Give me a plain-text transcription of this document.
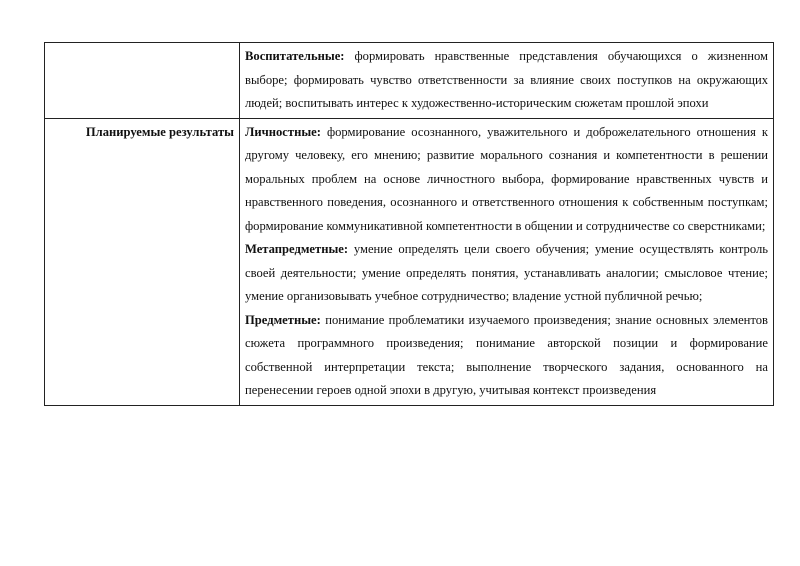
	Воспитательные: формировать нравственные представления обучающихся о жизненном выборе; формировать чувство ответственности за влияние своих поступков на окружающих людей; воспитывать интерес к художественно-историческим сюжетам прошлой эпохи

Планируемые результаты	Личностные: формирование осознанного, уважительного и доброжелательного отношения к другому человеку, его мнению; развитие морального сознания и компетентности в решении моральных проблем на основе личностного выбора, формирование нравственных чувств и нравственного поведения, осознанного и ответственного отношения к собственным поступкам; формирование коммуникативной компетентности в общении и сотрудничестве со сверстниками;
Метапредметные: умение определять цели своего обучения; умение осуществлять контроль своей деятельности; умение определять понятия, устанавливать аналогии; смысловое чтение; умение организовывать учебное сотрудничество; владение устной публичной речью;
Предметные: понимание проблематики изучаемого произведения; знание основных элементов сюжета программного произведения; понимание авторской позиции и формирование собственной интерпретации текста; выполнение творческого задания, основанного на перенесении героев одной эпохи в другую, учитывая контекст произведения
